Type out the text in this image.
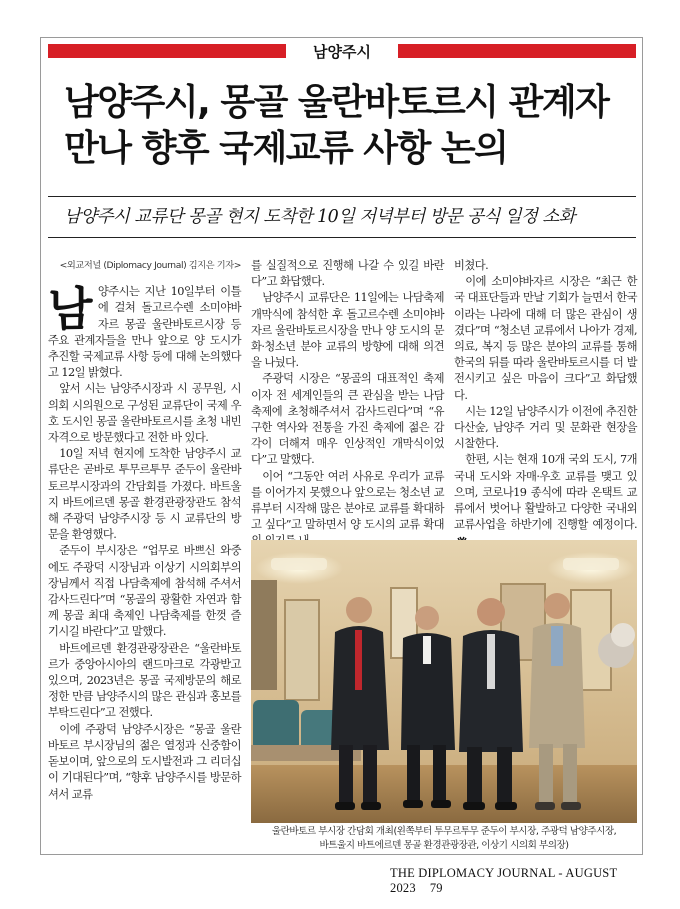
남양주시
남양주시, 몽골 울란바토르시 관계자
만나 향후 국제교류 사항 논의

남양주시 교류단 몽골 현지 도착한 10일 저녁부터 방문 공식 일정 소화

<외교저널 (Diplomacy Journal) 김지은 기자>

남양주시는 지난 10일부터 이틀에 걸쳐 돌고르수렌 소미야바자르 몽골 울란바토르시장 등 주요 관계자들을 만나 앞으로 양 도시가 추진할 국제교류 사항 등에 대해 논의했다고 12일 밝혔다.

앞서 시는 남양주시장과 시 공무원, 시의회 시의원으로 구성된 교류단이 국제 우호 도시인 몽골 울란바토르시를 초청 내빈 자격으로 방문했다고 전한 바 있다.

10일 저녁 현지에 도착한 남양주시 교류단은 곧바로 투무르투무 준두이 울란바토르부시장과의 간담회를 가졌다. 바트울지 바트에르덴 몽골 환경관광장관도 참석해 주광덕 남양주시장 등 시 교류단의 방문을 환영했다.

준두이 부시장은 “업무로 바쁘신 와중에도 주광덕 시장님과 이상기 시의회부의장님께서 직접 나담축제에 참석해 주셔서 감사드린다”며 “몽골의 광활한 자연과 함께 몽골 최대 축제인 나담축제를 한껏 즐기시길 바란다”고 말했다.

바트에르덴 환경관광장관은 “울란바토르가 중앙아시아의 랜드마크로 각광받고 있으며, 2023년은 몽골 국제방문의 해로 정한 만큼 남양주시의 많은 관심과 홍보를 부탁드린다”고 전했다.

이에 주광덕 남양주시장은 “몽골 울란바토르 부시장님의 젊은 열정과 신중함이 돋보이며, 앞으로의 도시발전과 그 리더십이 기대된다”며, “향후 남양주시를 방문하셔서 교류

를 실질적으로 진행해 나갈 수 있길 바란다”고 화답했다.

남양주시 교류단은 11일에는 나담축제 개막식에 참석한 후 돌고르수렌 소미야바자르 울란바토르시장을 만나 양 도시의 문화·청소년 분야 교류의 방향에 대해 의견을 나눴다.

주광덕 시장은 “몽골의 대표적인 축제이자 전 세계인들의 큰 관심을 받는 나담축제에 초청해주셔서 감사드린다”며 “유구한 역사와 전통을 가진 축제에 젊은 감각이 더해져 매우 인상적인 개막식이었다”고 말했다.

이어 “그동안 여러 사유로 우리가 교류를 이어가지 못했으나 앞으로는 청소년 교류부터 시작해 많은 분야로 교류를 확대하고 싶다”고 말하면서 양 도시의 교류 확대

비쳤다.

이에 소미야바자르 시장은 “최근 한국 대표단들과 만날 기회가 늘면서 한국이라는 나라에 대해 더 많은 관심이 생겼다”며 “청소년 교류에서 나아가 경제, 의료, 복지 등 많은 분야의 교류를 통해 한국의 뒤를 따라 울란바토르시를 더 발전시키고 싶은 마음이 크다”고 화답했다.

시는 12일 남양주시가 이전에 추진한 다산숲, 남양주 거리 및 문화관 현장을 시찰한다.

한편, 시는 현재 10개 국외 도시, 7개 국내 도시와 자매·우호 교류를 맺고 있으며, 코로나19 종식에 따라 온택트 교류에서 벗어나 활발하고 다양한 국내외 교류사업을 하반기에 진행할 예정이다.

울란바토르 부시장 간담회 개최(왼쪽부터 투무르투무 준두이 부시장, 주광덕 남양주시장,
바트울지 바트에르덴 몽골 환경관광장관, 이상기 시의회 부의장)
THE DIPLOMACY JOURNAL - AUGUST 2023 79
